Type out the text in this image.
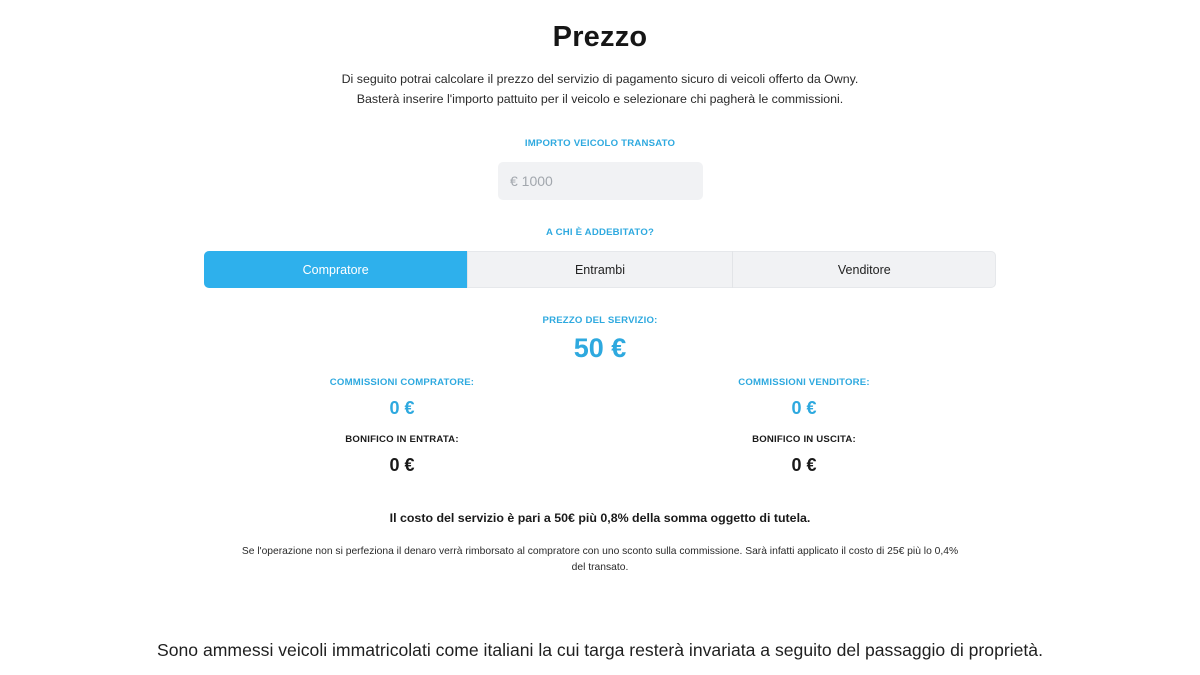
Prezzo
Di seguito potrai calcolare il prezzo del servizio di pagamento sicuro di veicoli offerto da Owny.
Basterà inserire l'importo pattuito per il veicolo e selezionare chi pagherà le commissioni.
IMPORTO VEICOLO TRANSATO
€ 1000
A CHI È ADDEBITATO?
Compratore	Entrambi	Venditore
PREZZO DEL SERVIZIO:
50 €
COMMISSIONI COMPRATORE:
0 €
BONIFICO IN ENTRATA:
0 €
COMMISSIONI VENDITORE:
0 €
BONIFICO IN USCITA:
0 €
Il costo del servizio è pari a 50€ più 0,8% della somma oggetto di tutela.
Se l'operazione non si perfeziona il denaro verrà rimborsato al compratore con uno sconto sulla commissione. Sarà infatti applicato il costo di 25€ più lo 0,4%
del transato.
Sono ammessi veicoli immatricolati come italiani la cui targa resterà invariata a seguito del passaggio di proprietà.
